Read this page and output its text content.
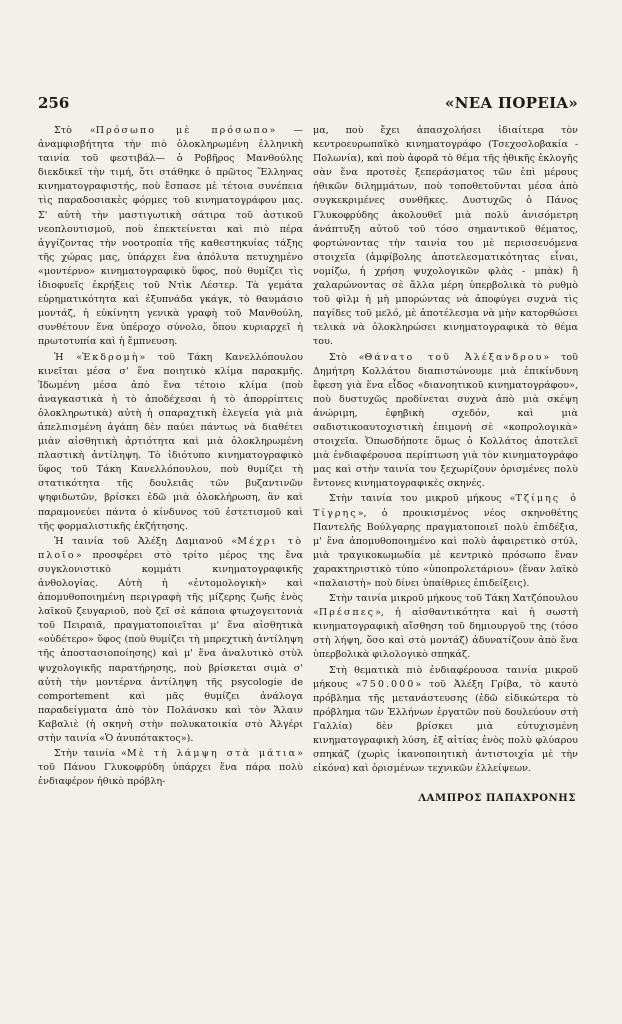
256	«ΝΕΑ ΠΟΡΕΙΑ»

Στὸ «Πρόσωπο μὲ πρόσωπο» —ἀναμφισβήτητα τὴν πιὸ ὁλοκληρωμένη ἑλληνικὴ ταινία τοῦ φεστιβάλ— ὁ Ροβῆρος Μανθούλης διεκδικεῖ τὴν τιμή, ὅτι στάθηκε ὁ πρῶτος Ἕλληνας κινηματογραφιστής, ποὺ ἔσπασε μὲ τέτοια συνέπεια τὶς παραδοσιακὲς φόρμες τοῦ κινηματογράφου μας. Σ' αὐτὴ τὴν μαστιγωτικὴ σάτιρα τοῦ ἀστικοῦ νεοπλουτισμοῦ, ποὺ ἐπεκτείνεται καὶ πιὸ πέρα ἀγγίζοντας τὴν νοοτροπία τῆς καθεστηκυίας τάξης τῆς χώρας μας, ὑπάρχει ἕνα ἀπόλυτα πετυχημένο «μοντέρνο» κινηματογραφικὸ ὕφος, ποὺ θυμίζει τὶς ἰδιοφυεῖς ἐκρήξεις τοῦ Ντὶκ Λέστερ. Τὰ γεμάτα εὑρηματικότητα καὶ ἐξυπνάδα γκάγκ, τὸ θαυμάσιο μοντάζ, ἡ εὐκίνητη γενικὰ γραφὴ τοῦ Μανθούλη, συνθέτουν ἕνα ὑπέροχο σύνολο, ὅπου κυριαρχεῖ ἡ πρωτοτυπία καὶ ἡ ἔμπνευση.

Ἡ «Ἐκδρομὴ» τοῦ Τάκη Κανελλόπουλου κινεῖται μέσα σ' ἕνα ποιητικὸ κλίμα παρακμῆς. Ἰδωμένη μέσα ἀπὸ ἕνα τέτοιο κλίμα (ποὺ ἀναγκαστικὰ ἡ τὸ ἀποδέχεσαι ἡ τὸ ἀπορρίπτεις ὁλοκληρωτικὰ) αὐτὴ ἡ σπαραχτικὴ ἐλεγεία γιὰ μιὰ ἀπελπισμένη ἀγάπη δὲν παύει πάντως νὰ διαθέτει μιὰν αἰσθητικὴ ἀρτιότητα καὶ μιὰ ὁλοκληρωμένη πλαστικὴ ἀντίληψη. Τὸ ἰδιότυπο κινηματογραφικὸ ὕφος τοῦ Τάκη Κανελλόπουλου, ποὺ θυμίζει τὴ στατικότητα τῆς δουλειᾶς τῶν βυζαντινῶν ψηφιδωτῶν, βρίσκει ἐδῶ μιὰ ὁλοκλήρωση, ἂν καὶ παραμονεύει πάντα ὁ κίνδυνος τοῦ ἐστετισμοῦ καὶ τῆς φορμαλιστικῆς ἐκζήτησης.

Ἡ ταινία τοῦ Ἀλέξη Δαμιανοῦ «Μέχρι τὸ πλοῖο» προσφέρει στὸ τρίτο μέρος της ἕνα συγκλονιστικὸ κομμάτι κινηματογραφικῆς ἀνθολογίας. Αὐτὴ ἡ «ἐντομολογικὴ» καὶ ἀπομυθοποιημένη περιγραφὴ τῆς μίζερης ζωῆς ἑνὸς λαϊκοῦ ζευγαριοῦ, ποὺ ζεῖ σὲ κάποια φτωχογειτονιὰ τοῦ Πειραιᾶ, πραγματοποιεῖται μ' ἕνα αἰσθητικὰ «οὐδέτερο» ὕφος (ποὺ θυμίζει τὴ μπρεχτικὴ ἀντίληψη τῆς ἀποστασιοποίησης) καὶ μ' ἕνα ἀναλυτικὸ στὺλ ψυχολογικῆς παρατήρησης, ποὺ βρίσκεται σιμὰ σ' αὐτὴ τὴν μοντέρνα ἀντίληψη τῆς psycologie de comportement καὶ μᾶς θυμίζει ἀνάλογα παραδείγματα ἀπὸ τὸν Πολάνσκυ καὶ τὸν Ἄλαιν Καβαλιὲ (ἡ σκηνὴ στὴν πολυκατοικία στὸ Ἀλγέρι στὴν ταινία «Ὁ ἀνυπότακτος»).

Στὴν ταινία «Μὲ τὴ λάμψη στὰ μάτια» τοῦ Πάνου Γλυκοφρύδη ὑπάρχει ἕνα πάρα πολὺ ἐνδιαφέρον ἠθικὸ πρόβλη-

μα, ποὺ ἔχει ἀπασχολήσει ἰδιαίτερα τὸν κεντροευρωπαϊκὸ κινηματογράφο (Τσεχοσλοβακία - Πολωνία), καὶ ποὺ ἀφορᾶ τὸ θέμα τῆς ἠθικῆς ἐκλογῆς σὰν ἕνα προτσὲς ξεπεράσματος τῶν ἐπὶ μέρους ἠθικῶν διλημμάτων, ποὺ τοποθετοῦνται μέσα ἀπὸ συγκεκριμένες συνθῆκες. Δυστυχῶς ὁ Πάνος Γλυκοφρύδης ἀκολουθεῖ μιὰ πολὺ ἀνισόμετρη ἀνάπτυξη αὐτοῦ τοῦ τόσο σημαντικοῦ θέματος, φορτώνοντας τὴν ταινία του μὲ περισσευόμενα στοιχεῖα (ἀμφίβολης ἀποτελεσματικότητας εἶναι, νομίζω, ἡ χρήση ψυχολογικῶν φλὰς - μπὰκ) ἢ χαλαρώνοντας σὲ ἄλλα μέρη ὑπερβολικὰ τὸ ρυθμὸ τοῦ φὶλμ ἡ μὴ μπορώντας νὰ ἀποφύγει συχνὰ τὶς παγίδες τοῦ μελό, μὲ ἀποτέλεσμα νὰ μὴν κατορθώσει τελικὰ νὰ ὁλοκληρώσει κινηματογραφικὰ τὸ θέμα του.

Στὸ «Θάνατο τοῦ Ἀλέξανδρου» τοῦ Δημήτρη Κολλάτου διαπιστώνουμε μιὰ ἐπικίνδυνη ἔφεση γιὰ ἕνα εἶδος «διανοητικοῦ κινηματογράφου», ποὺ δυστυχῶς προδίνεται συχνὰ ἀπὸ μιὰ σκέψη ἀνώριμη, ἐφηβικὴ σχεδόν, καὶ μιὰ σαδιστικοαυτοχιστικὴ ἐπιμονὴ σὲ «κοπρολογικὰ» στοιχεῖα. Ὁπωσδήποτε ὅμως ὁ Κολλάτος ἀποτελεῖ μιὰ ἐνδιαφέρουσα περίπτωση γιὰ τὸν κινηματογράφο μας καὶ στὴν ταινία του ξεχωρίζουν ὁρισμένες πολὺ ἔντονες κινηματογραφικὲς σκηνές.

Στὴν ταινία του μικροῦ μήκους «Τζίμης ὁ Τίγρης», ὁ προικισμένος νέος σκηνοθέτης Παντελῆς Βούλγαρης πραγματοποιεῖ πολὺ ἐπιδέξια, μ' ἕνα ἀπομυθοποιημένο καὶ πολὺ ἀφαιρετικὸ στύλ, μιὰ τραγικοκωμωδία μὲ κεντρικὸ πρόσωπο ἕναν χαρακτηριστικὸ τύπο «ὑποπρολετάριου» (ἕναν λαϊκὸ «παλαιστὴ» ποὺ δίνει ὑπαίθριες ἐπιδείξεις).

Στὴν ταινία μικροῦ μήκους τοῦ Τάκη Χατζόπουλου «Πρέσπες», ἡ αἰσθαντικότητα καὶ ἡ σωστὴ κινηματογραφικὴ αἴσθηση τοῦ δημιουργοῦ της (τόσο στὴ λήψη, ὅσο καὶ στὸ μοντάζ) ἀδυνατίζουν ἀπὸ ἕνα ὑπερβολικὰ φιλολογικὸ σπηκάζ.

Στὴ θεματικὰ πιὸ ἐνδιαφέρουσα ταινία μικροῦ μήκους «750.000» τοῦ Ἀλέξη Γρίβα, τὸ καυτὸ πρόβλημα τῆς μετανάστευσης (ἐδῶ εἰδικώτερα τὸ πρόβλημα τῶν Ἑλλήνων ἐργατῶν ποὺ δουλεύουν στὴ Γαλλία) δὲν βρίσκει μιὰ εὐτυχισμένη κινηματογραφικὴ λύση, ἐξ αἰτίας ἑνὸς πολὺ φλύαρου σπηκάζ (χωρὶς ἱκανοποιητικὴ ἀντιστοιχία μὲ τὴν εἰκόνα) καὶ ὁρισμένων τεχνικῶν ἐλλείψεων.

ΛΑΜΠΡΟΣ ΠΑΠΑΧΡΟΝΗΣ
